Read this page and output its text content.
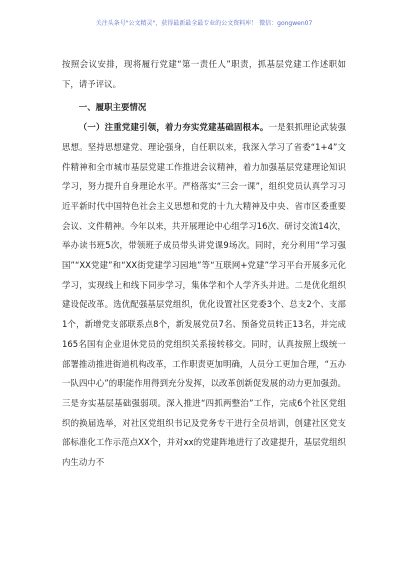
关注头条号"公文精灵"，获得最新最全最专业的公文资料库！ 微信：gongwen07

按照会议安排，现将履行党建“第一责任人”职责，抓基层党建工作述职如下，请予评议。

一、履职主要情况

（一）注重党建引领，着力夯实党建基础固根本。一是狠抓理论武装强思想。坚持思想建党、理论强身，自任职以来，我深入学习了省委“1+4”文件精神和全市城市基层党建工作推进会议精神，着力加强基层党建理论知识学习，努力提升自身理论水平。严格落实“三会一课”，组织党员认真学习习近平新时代中国特色社会主义思想和党的十九大精神及中央、省市区委重要会议、文件精神。今年以来，共开展理论中心组学习16次、研讨交流14次，举办读书班5次，带领班子成员带头讲党课9场次。同时，充分利用“学习强国”“XX党建”和“XX街党建学习园地”等“互联网+党建”学习平台开展多元化学习，实现线上和线下同步学习，集体学和个人学齐头并进。二是优化组织建设促改革。选优配强基层党组织，优化设置社区党委3个、总支2个、支部1个，新增党支部联系点8个，新发展党员7名、预备党员转正13名，并完成165名国有企业退休党员的党组织关系接转移交。同时，认真按照上级统一部署推动推进街道机构改革，工作职责更加明确，人员分工更加合理，“五办一队四中心”的职能作用得到充分发挥，以改革创新促发展的动力更加强劲。三是夯实基层基础强弱项。深入推进“四抓两整治”工作，完成6个社区党组织的换届选举，对社区党组织书记及党务专干进行全员培训，创建社区党支部标准化工作示范点XX个，并对xx的党建阵地进行了改建提升，基层党组织内生动力不
